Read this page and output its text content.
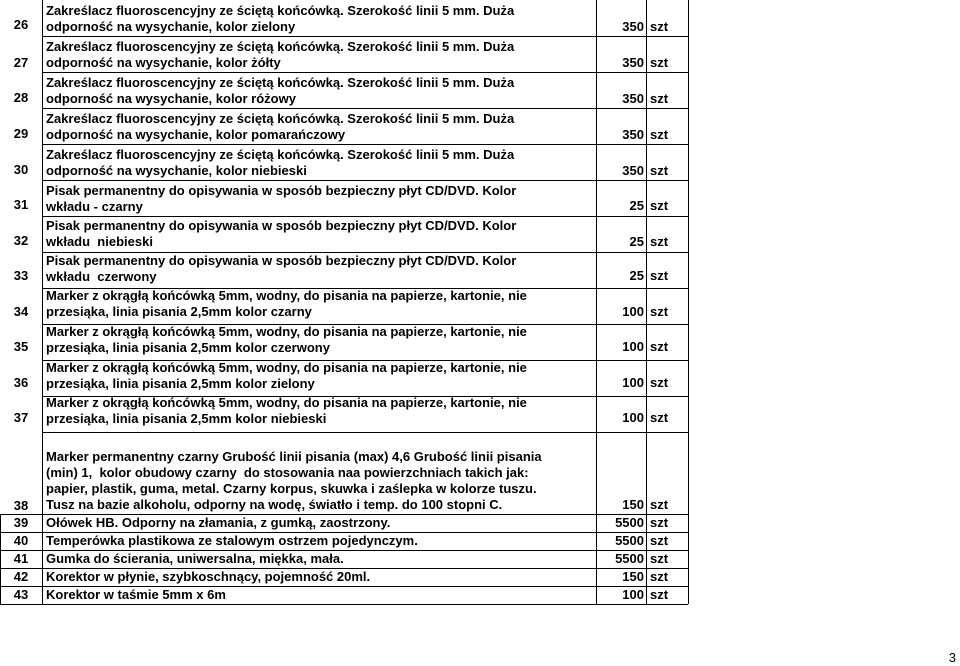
26
Zakreślacz fluoroscencyjny ze ściętą końcówką. Szerokość linii 5 mm. Duża
odporność na wysychanie, kolor zielony	350 szt
27
Zakreślacz fluoroscencyjny ze ściętą końcówką. Szerokość linii 5 mm. Duża
odporność na wysychanie, kolor żółty	350 szt
28
Zakreślacz fluoroscencyjny ze ściętą końcówką. Szerokość linii 5 mm. Duża
odporność na wysychanie, kolor różowy	350 szt
29
Zakreślacz fluoroscencyjny ze ściętą końcówką. Szerokość linii 5 mm. Duża
odporność na wysychanie, kolor pomarańczowy	350 szt
30
Zakreślacz fluoroscencyjny ze ściętą końcówką. Szerokość linii 5 mm. Duża
odporność na wysychanie, kolor niebieski	350 szt
31
Pisak permanentny do opisywania w sposób bezpieczny płyt CD/DVD. Kolor
wkładu - czarny	25 szt
32
Pisak permanentny do opisywania w sposób bezpieczny płyt CD/DVD. Kolor
wkładu  niebieski	25 szt
33
Pisak permanentny do opisywania w sposób bezpieczny płyt CD/DVD. Kolor
wkładu  czerwony	25 szt
34
Marker z okrągłą końcówką 5mm, wodny, do pisania na papierze, kartonie, nie
przesiąka, linia pisania 2,5mm kolor czarny	100 szt
35
Marker z okrągłą końcówką 5mm, wodny, do pisania na papierze, kartonie, nie
przesiąka, linia pisania 2,5mm kolor czerwony	100 szt
36
Marker z okrągłą końcówką 5mm, wodny, do pisania na papierze, kartonie, nie
przesiąka, linia pisania 2,5mm kolor zielony	100 szt
37
Marker z okrągłą końcówką 5mm, wodny, do pisania na papierze, kartonie, nie
przesiąka, linia pisania 2,5mm kolor niebieski	100 szt
38
Marker permanentny czarny Grubość linii pisania (max) 4,6 Grubość linii pisania
(min) 1,  kolor obudowy czarny  do stosowania naa powierzchniach takich jak:
papier, plastik, guma, metal. Czarny korpus, skuwka i zaślepka w kolorze tuszu.
Tusz na bazie alkoholu, odporny na wodę, światło i temp. do 100 stopni C.	150 szt
39	Ołówek HB. Odporny na złamania, z gumką, zaostrzony.	5500 szt
40	Temperówka plastikowa ze stalowym ostrzem pojedynczym.	5500 szt
41	Gumka do ścierania, uniwersalna, miękka, mała.	5500 szt
42	Korektor w płynie, szybkoschnący, pojemność 20ml.	150 szt
43	Korektor w taśmie 5mm x 6m	100 szt
3
